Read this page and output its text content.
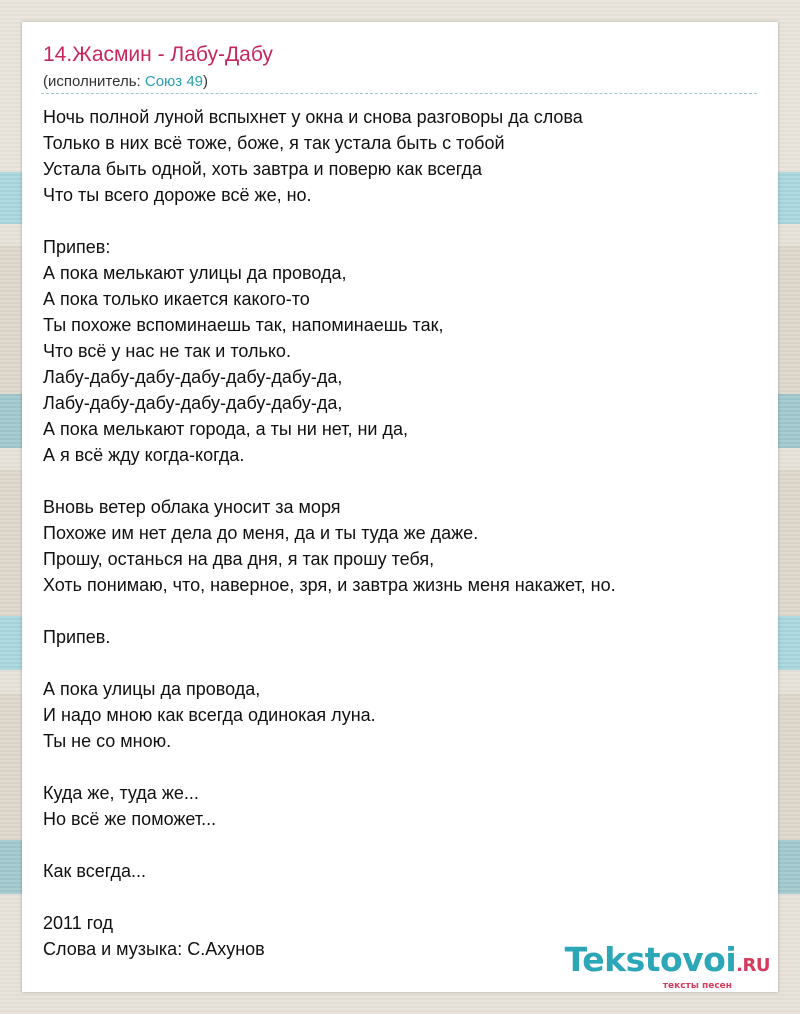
14.Жасмин - Лабу-Дабу
(исполнитель: Союз 49)
Ночь полной луной вспыхнет у окна и снова разговоры да слова
Только в них всё тоже, боже, я так устала быть с тобой
Устала быть одной, хоть завтра и поверю как всегда
Что ты всего дороже всё же, но.
Припев:
А пока мелькают улицы да провода,
А пока только икается какого-то
Ты похоже вспоминаешь так, напоминаешь так,
Что всё у нас не так и только.
Лабу-дабу-дабу-дабу-дабу-дабу-да,
Лабу-дабу-дабу-дабу-дабу-дабу-да,
А пока мелькают города, а ты ни нет, ни да,
А я всё жду когда-когда.
Вновь ветер облака уносит за моря
Похоже им нет дела до меня, да и ты туда же даже.
Прошу, останься на два дня, я так прошу тебя,
Хоть понимаю, что, наверное, зря, и завтра жизнь меня накажет, но.
Припев.
А пока улицы да провода,
И надо мною как всегда одинокая луна.
Ты не со мною.
Куда же, туда же...
Но всё же поможет...
Как всегда...
2011 год
Слова и музыка: С.Ахунов	Tekstovoi.RU
тексты песен
